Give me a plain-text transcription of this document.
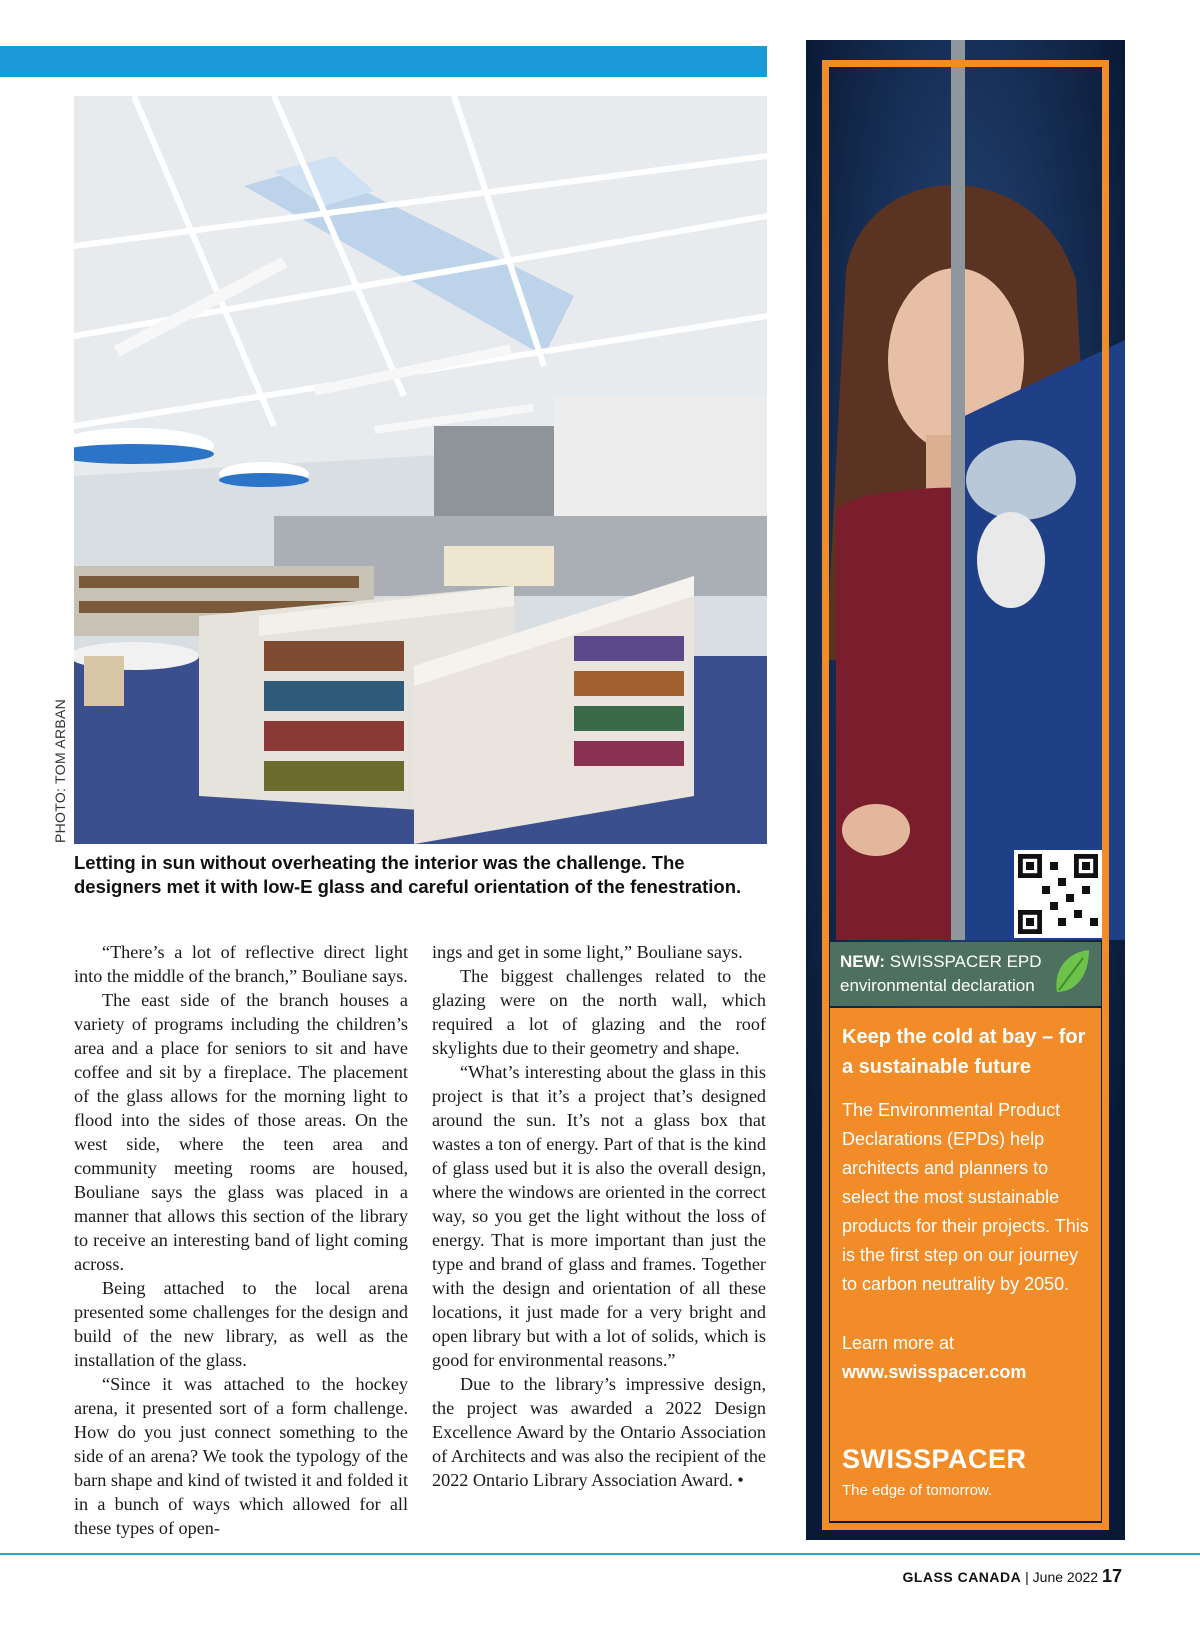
PHOTO: TOM ARBAN
Letting in sun without overheating the interior was the challenge. The designers met it with low-E glass and careful orientation of the fenestration.

“There’s a lot of reflective direct light into the middle of the branch,” Bouliane says.

The east side of the branch houses a variety of programs including the children’s area and a place for seniors to sit and have coffee and sit by a fireplace. The placement of the glass allows for the morning light to flood into the sides of those areas. On the west side, where the teen area and community meeting rooms are housed, Bouliane says the glass was placed in a manner that allows this section of the library to receive an interesting band of light coming across.

Being attached to the local arena presented some challenges for the design and build of the new library, as well as the installation of the glass.

“Since it was attached to the hockey arena, it presented sort of a form challenge. How do you just connect something to the side of an arena? We took the typology of the barn shape and kind of twisted it and folded it in a bunch of ways which allowed for all these types of open-

ings and get in some light,” Bouliane says.

The biggest challenges related to the glazing were on the north wall, which required a lot of glazing and the roof skylights due to their geometry and shape.

“What’s interesting about the glass in this project is that it’s a project that’s designed around the sun. It’s not a glass box that wastes a ton of energy. Part of that is the kind of glass used but it is also the overall design, where the windows are oriented in the correct way, so you get the light without the loss of energy. That is more important than just the type and brand of glass and frames. Together with the design and orientation of all these locations, it just made for a very bright and open library but with a lot of solids, which is good for environmental reasons.”

Due to the library’s impressive design, the project was awarded a 2022 Design Excellence Award by the Ontario Association of Architects and was also the recipient of the 2022 Ontario Library Association Award. •

NEW: SWISSPACER EPD environmental declaration
Keep the cold at bay – for a sustainable future
The Environmental Product Declarations (EPDs) help architects and planners to select the most sustainable products for their projects. This is the first step on our journey to carbon neutrality by 2050.
Learn more at
www.swisspacer.com
SWISSPACER
The edge of tomorrow.
GLASS CANADA | June 2022 17
